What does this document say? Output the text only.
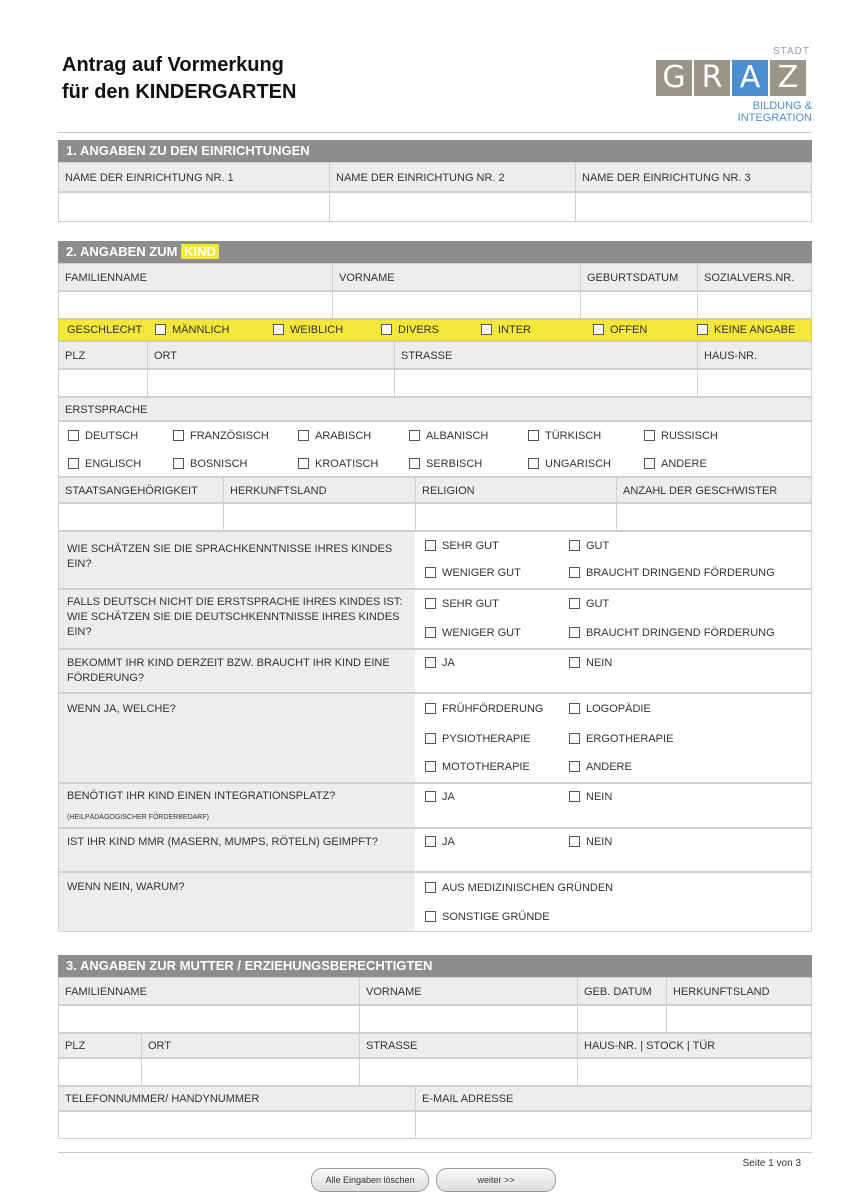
Antrag auf Vormerkung
für den KINDERGARTEN
STADT
G R A Z
BILDUNG &
INTEGRATION
1. ANGABEN ZU DEN EINRICHTUNGEN
NAME DER EINRICHTUNG NR. 1	NAME DER EINRICHTUNG NR. 2	NAME DER EINRICHTUNG NR. 3
2. ANGABEN ZUM KIND
FAMILIENNAME	VORNAME	GEBURTSDATUM	SOZIALVERS.NR.
GESCHLECHT	MÄNNLICH	WEIBLICH	DIVERS	INTER	OFFEN	KEINE ANGABE
PLZ	ORT	STRASSE	HAUS-NR.
ERSTSPRACHE
DEUTSCH	FRANZÖSISCH	ARABISCH	ALBANISCH	TÜRKISCH	RUSSISCH
ENGLISCH	BOSNISCH	KROATISCH	SERBISCH	UNGARISCH	ANDERE
STAATSANGEHÖRIGKEIT	HERKUNFTSLAND	RELIGION	ANZAHL DER GESCHWISTER
WIE SCHÄTZEN SIE DIE SPRACHKENNTNISSE IHRES KINDES EIN?
SEHR GUT	GUT
WENIGER GUT	BRAUCHT DRINGEND FÖRDERUNG
FALLS DEUTSCH NICHT DIE ERSTSPRACHE IHRES KINDES IST: WIE SCHÄTZEN SIE DIE DEUTSCHKENNTNISSE IHRES KINDES EIN?
SEHR GUT	GUT
WENIGER GUT	BRAUCHT DRINGEND FÖRDERUNG
BEKOMMT IHR KIND DERZEIT BZW. BRAUCHT IHR KIND EINE FÖRDERUNG?
JA	NEIN
WENN JA, WELCHE?	FRÜHFÖRDERUNG	LOGOPÄDIE
PYSIOTHERAPIE	ERGOTHERAPIE
MOTOTHERAPIE	ANDERE
BENÖTIGT IHR KIND EINEN INTEGRATIONSPLATZ?
(HEILPÄDAGOGISCHER FÖRDERBEDARF)
JA	NEIN
IST IHR KIND MMR (MASERN, MUMPS, RÖTELN) GEIMPFT?	JA	NEIN
WENN NEIN, WARUM?	AUS MEDIZINISCHEN GRÜNDEN
SONSTIGE GRÜNDE
3. ANGABEN ZUR MUTTER / ERZIEHUNGSBERECHTIGTEN
FAMILIENNAME	VORNAME	GEB. DATUM	HERKUNFTSLAND
PLZ	ORT	STRASSE	HAUS-NR. | STOCK | TÜR
TELEFONNUMMER/ HANDYNUMMER	E-MAIL ADRESSE
Alle Eingaben löschen	weiter >>
Seite 1 von 3
